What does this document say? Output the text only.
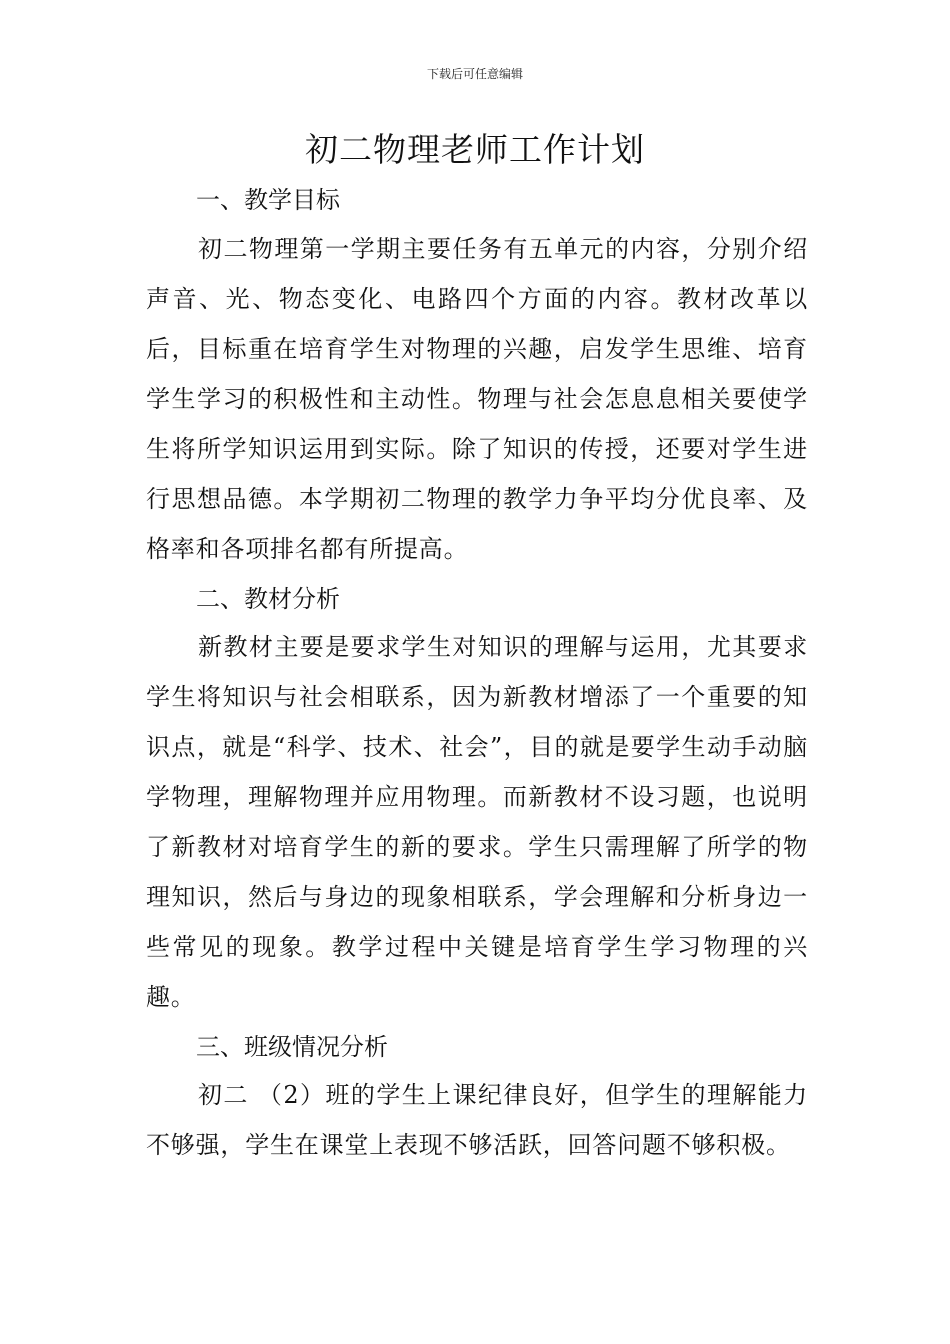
下载后可任意编辑
初二物理老师工作计划
一、教学目标

初二物理第一学期主要任务有五单元的内容，分别介绍声音、光、物态变化、电路四个方面的内容。教材改革以后，目标重在培育学生对物理的兴趣，启发学生思维、培育学生学习的积极性和主动性。物理与社会怎息息相关要使学生将所学知识运用到实际。除了知识的传授，还要对学生进行思想品德。本学期初二物理的教学力争平均分优良率、及格率和各项排名都有所提高。

二、教材分析

新教材主要是要求学生对知识的理解与运用，尤其要求学生将知识与社会相联系，因为新教材增添了一个重要的知识点，就是“科学、技术、社会”，目的就是要学生动手动脑学物理，理解物理并应用物理。而新教材不设习题，也说明了新教材对培育学生的新的要求。学生只需理解了所学的物理知识，然后与身边的现象相联系，学会理解和分析身边一些常见的现象。教学过程中关键是培育学生学习物理的兴趣。

三、班级情况分析

初二 （2）班的学生上课纪律良好，但学生的理解能力不够强，学生在课堂上表现不够活跃，回答问题不够积极。
